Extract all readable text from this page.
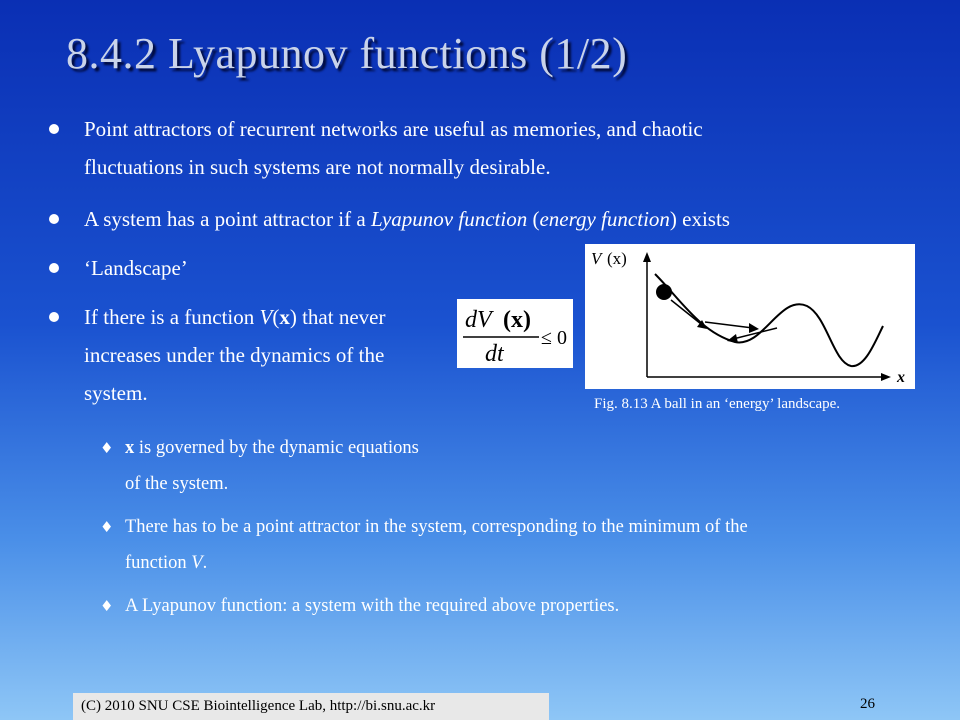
8.4.2 Lyapunov functions (1/2)
Point attractors of recurrent networks are useful as memories, and chaotic
fluctuations in such systems are not normally desirable.
A system has a point attractor if a Lyapunov function (energy function) exists
‘Landscape’
If there is a function V(x) that never
increases under the dynamics of the
system.
dV (x)
dt
≤ 0
V (x)
x
Fig. 8.13 A ball in an ‘energy’ landscape.
♦ x is governed by the dynamic equations
of the system.
♦ There has to be a point attractor in the system, corresponding to the minimum of the
function V.
♦ A Lyapunov function: a system with the required above properties.
(C) 2010 SNU CSE Biointelligence Lab, http://bi.snu.ac.kr	26
